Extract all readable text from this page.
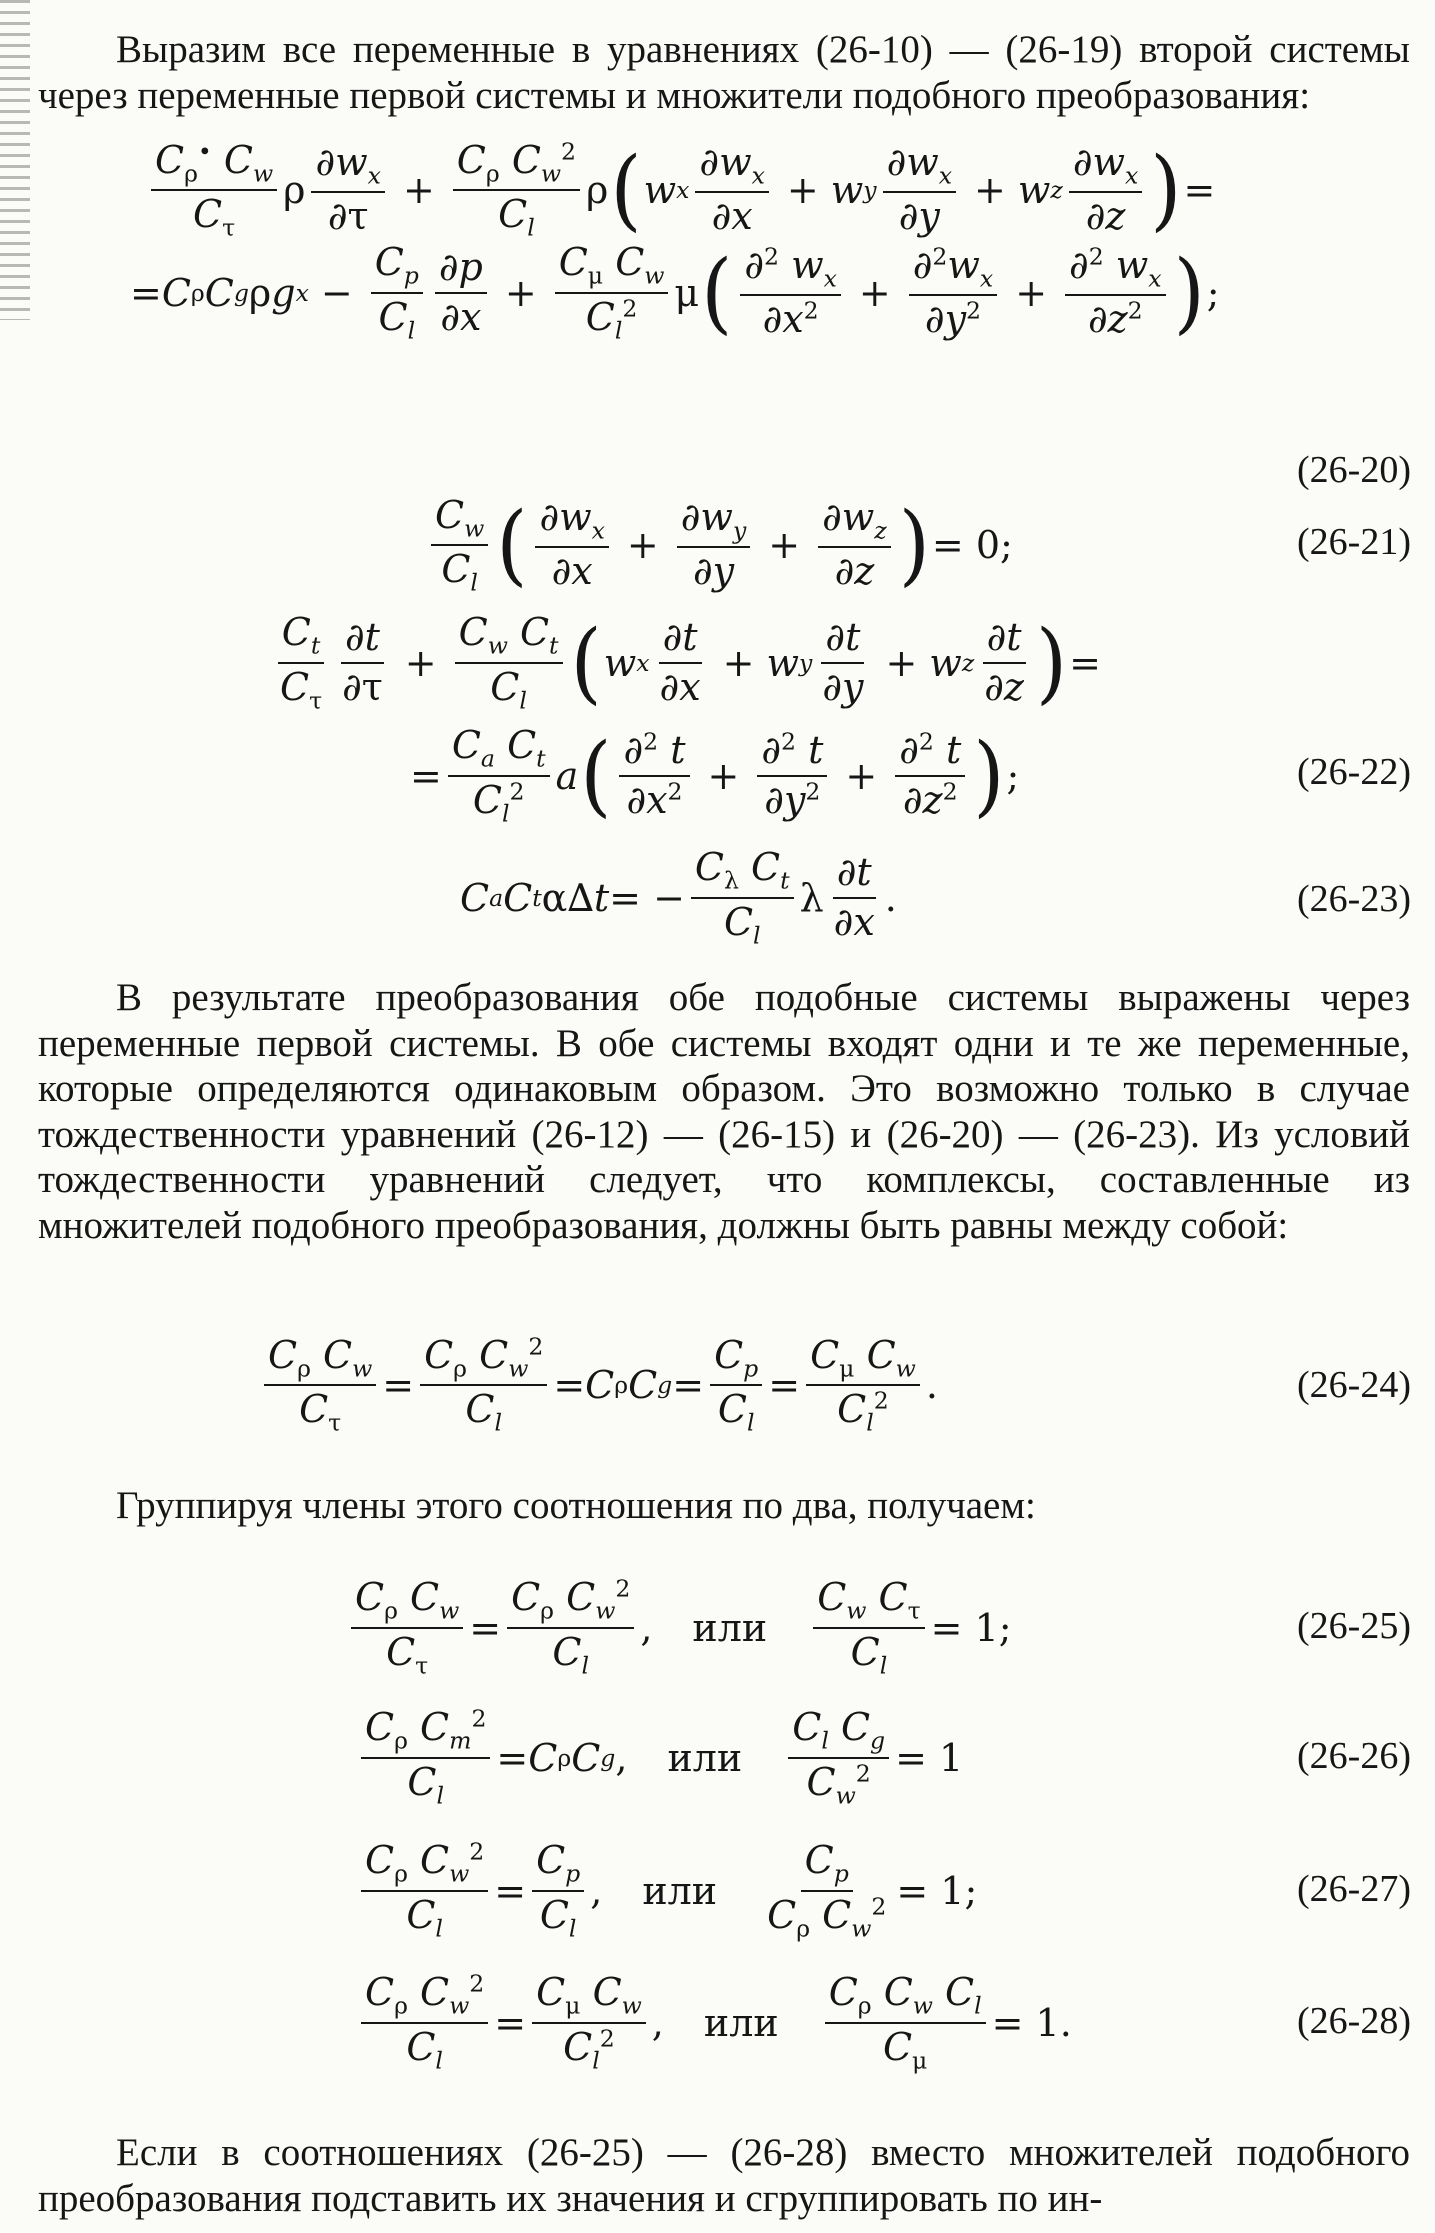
Выразим все переменные в уравнениях (26-10) — (26-19) второй системы через переменные первой системы и множители подобного преобразования:

$C_\rho^•$ $C_w$
$C_\tau$
ρ
$\partial w_x$
∂τ
+ $\frac{C_\rho C_w^2}{C_l}$ ρ ( w x
$\partial w_x$
∂x
+ w y
$\partial w_x$
∂y
+ w z
$\partial w_x$
∂z ) =
= C ρ C g ρ g $x - \frac{C_p}{C_l} \partial p$
∂x
+ $\frac{C_\mu C_w}{C_l^2}$ μ ( ∂$^2$ $w_x$
$\partial x^2 + \frac{\partial^2w_x}{\partial y^2} + \frac{\partial^2 w_x}{\partial z^2}$ ) ;
(26-20)
$C_w$
$C_l$ ( $\partial w_x$
∂x
+ $\frac{\partial w_y}{\partial y} + \frac{\partial w_z}{\partial z}$ ) = 0;	(26-21)
$C_t$
$C_\tau$
∂t
∂τ
+ $\frac{C_w C_t}{C_l}$ ( w x
∂t
∂x
+ w y
∂t
∂y
+ w z
∂t
∂z ) =
=
$C_a$ $C_t$
$C_l^2$ a ( ∂$^2$ t
$\partial x^2 + \frac{\partial^2 t}{\partial y^2} + \frac{\partial^2 t}{\partial z^2}$ ) ;	(26-22)
C a C t α∆ t = −
$C_\lambda$ $C_t$
$C_l$
λ
∂t
∂x
.	(26-23)

В результате преобразования обе подобные системы выражены через переменные первой системы. В обе системы входят одни и те же переменные, которые определяются одинаковым образом. Это возможно только в случае тождественности уравнений (26-12) — (26-15) и (26-20) — (26-23). Из условий тождественности уравнений следует, что комплексы, составленные из множителей подобного преобразования, должны быть равны между собой:

$C_\rho$ $C_w$
$C_\tau$
=
$C_\rho$ $C_w^2$
$C_l$
= C ρ C g =
$C_p$
$C_l$
=
$C_\mu$ $C_w$
$C_l^2$ .	(26-24)

Группируя члены этого соотношения по два, получаем:

$C_\rho$ $C_w$
$C_\tau$
=
$C_\rho$ $C_w^2$
$C_l$
, или
$C_w$ $C_\tau$
$C_l$
= 1;	(26-25)
$C_\rho$ $C_m^2$
$C_l$
= C ρ C g , или
$C_l$ $C_g$
$C_w^2 = 1$	(26-26)
$C_\rho$ $C_w^2$
$C_l$
=
$C_p$
$C_l$
, или
$C_p$
$C_\rho$ $C_w^2 = 1$;	(26-27)
$C_\rho$ $C_w^2$
$C_l$
=
$C_\mu$ $C_w$
$C_l^2$ , или
$C_\rho$ $C_w$ $C_l$
$C_\mu$
= 1.	(26-28)

Если в соотношениях (26-25) — (26-28) вместо множителей подобного преобразования подставить их значения и сгруппировать по ин-
